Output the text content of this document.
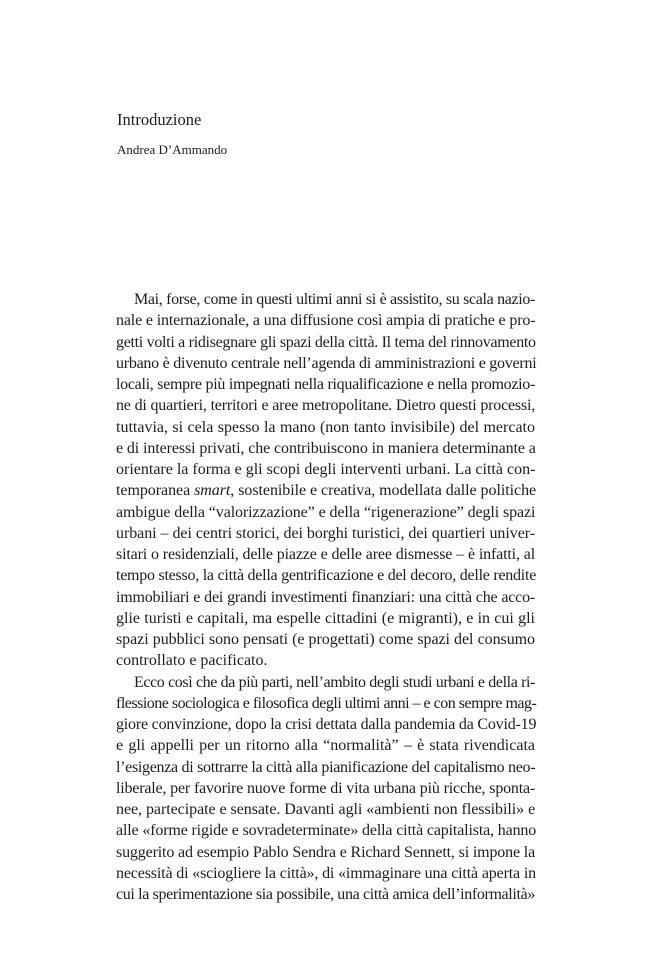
Introduzione

Andrea D’Ammando

Mai, forse, come in questi ultimi anni si è assistito, su scala nazio-
nale e internazionale, a una diffusione così ampia di pratiche e pro-
getti volti a ridisegnare gli spazi della città. Il tema del rinnovamento
urbano è divenuto centrale nell’agenda di amministrazioni e governi
locali, sempre più impegnati nella riqualificazione e nella promozio-
ne di quartieri, territori e aree metropolitane. Dietro questi processi,
tuttavia, si cela spesso la mano (non tanto invisibile) del mercato
e di interessi privati, che contribuiscono in maniera determinante a
orientare la forma e gli scopi degli interventi urbani. La città con-
temporanea smart, sostenibile e creativa, modellata dalle politiche
ambigue della “valorizzazione” e della “rigenerazione” degli spazi
urbani – dei centri storici, dei borghi turistici, dei quartieri univer-
sitari o residenziali, delle piazze e delle aree dismesse – è infatti, al
tempo stesso, la città della gentrificazione e del decoro, delle rendite
immobiliari e dei grandi investimenti finanziari: una città che acco-
glie turisti e capitali, ma espelle cittadini (e migranti), e in cui gli
spazi pubblici sono pensati (e progettati) come spazi del consumo
controllato e pacificato.
Ecco così che da più parti, nell’ambito degli studi urbani e della ri-
flessione sociologica e filosofica degli ultimi anni – e con sempre mag-
giore convinzione, dopo la crisi dettata dalla pandemia da Covid-19
e gli appelli per un ritorno alla “normalità” – è stata rivendicata
l’esigenza di sottrarre la città alla pianificazione del capitalismo neo-
liberale, per favorire nuove forme di vita urbana più ricche, sponta-
nee, partecipate e sensate. Davanti agli «ambienti non flessibili» e
alle «forme rigide e sovradeterminate» della città capitalista, hanno
suggerito ad esempio Pablo Sendra e Richard Sennett, si impone la
necessità di «sciogliere la città», di «immaginare una città aperta in
cui la sperimentazione sia possibile, una città amica dell’informalità»
